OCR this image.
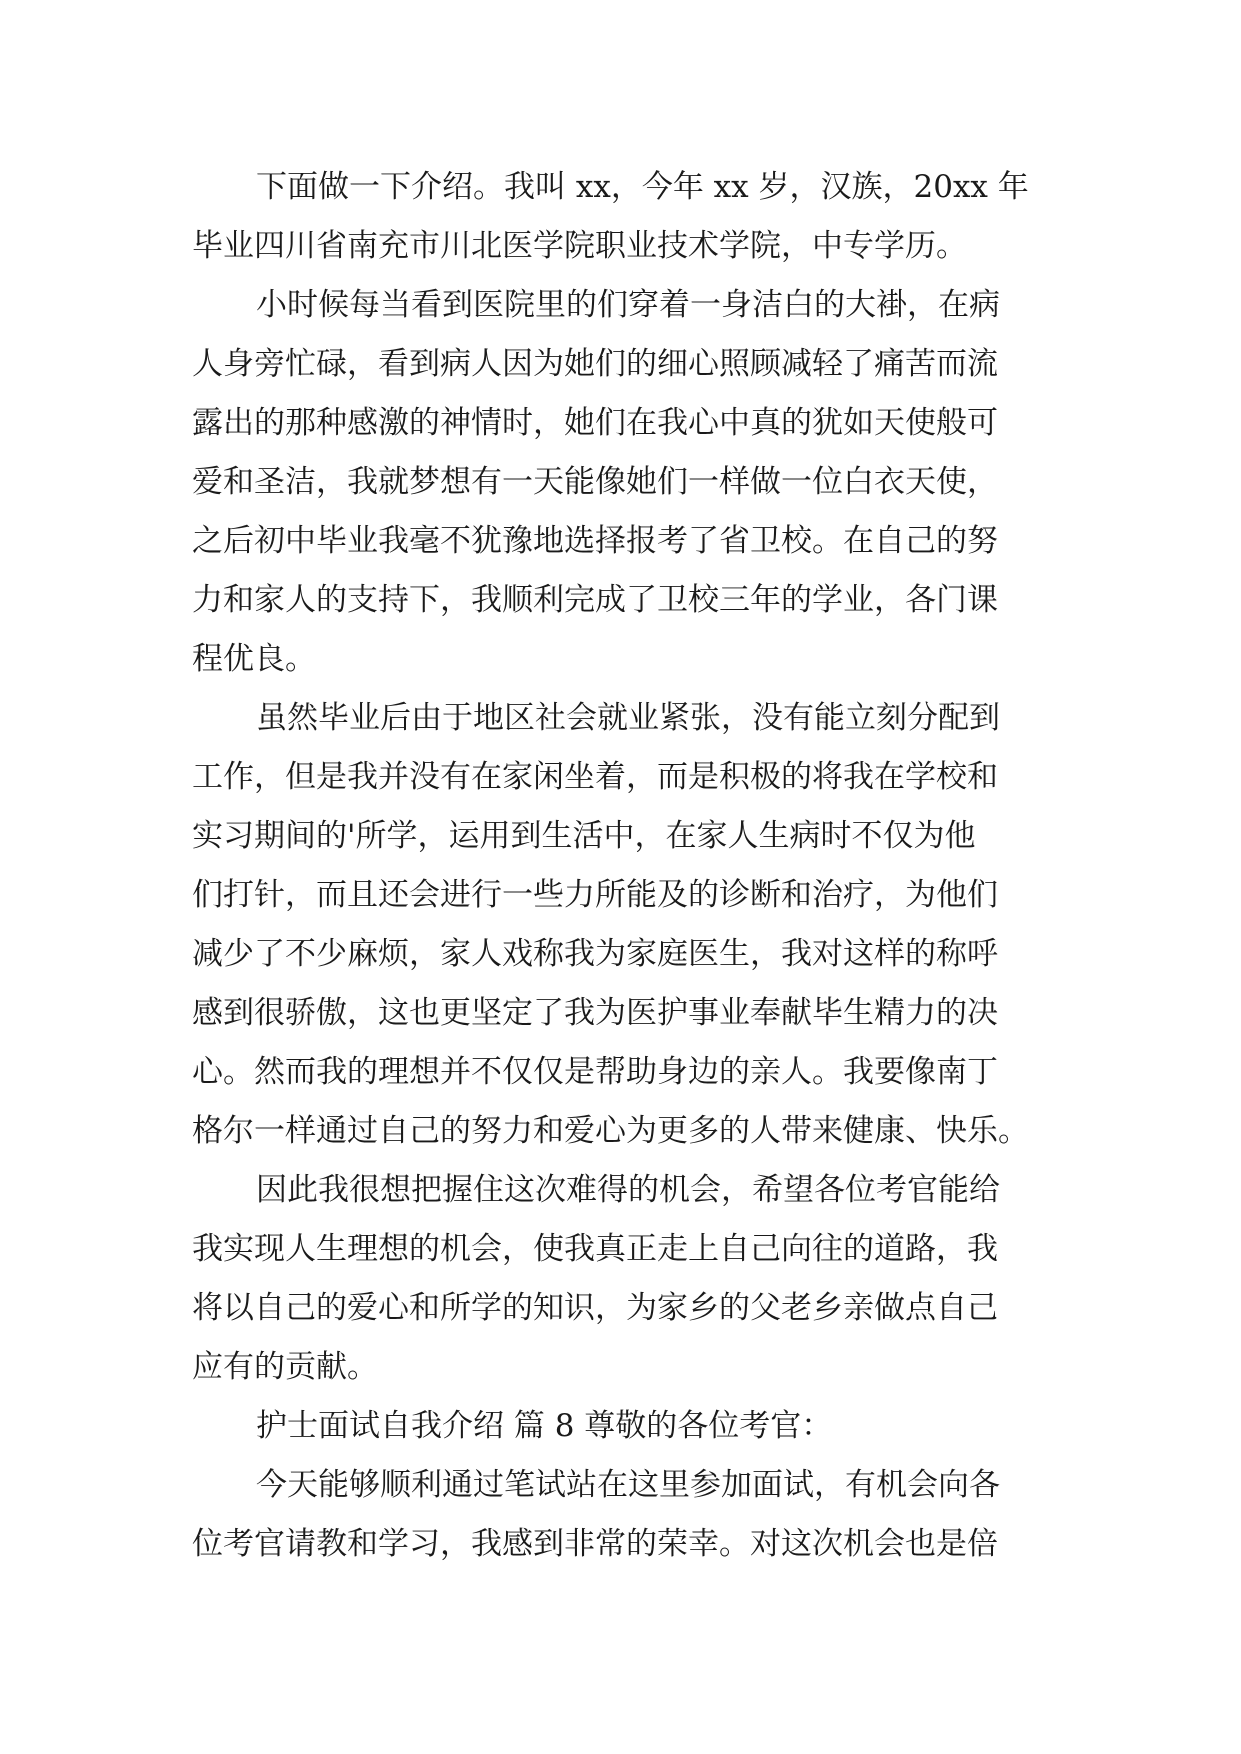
下面做一下介绍。我叫 xx，今年 xx 岁，汉族，20xx 年
毕业四川省南充市川北医学院职业技术学院，中专学历。
小时候每当看到医院里的们穿着一身洁白的大褂，在病
人身旁忙碌，看到病人因为她们的细心照顾减轻了痛苦而流
露出的那种感激的神情时，她们在我心中真的犹如天使般可
爱和圣洁，我就梦想有一天能像她们一样做一位白衣天使，
之后初中毕业我毫不犹豫地选择报考了省卫校。在自己的努
力和家人的支持下，我顺利完成了卫校三年的学业，各门课
程优良。
虽然毕业后由于地区社会就业紧张，没有能立刻分配到
工作，但是我并没有在家闲坐着，而是积极的将我在学校和
实习期间的'所学，运用到生活中，在家人生病时不仅为他
们打针，而且还会进行一些力所能及的诊断和治疗，为他们
减少了不少麻烦，家人戏称我为家庭医生，我对这样的称呼
感到很骄傲，这也更坚定了我为医护事业奉献毕生精力的决
心。然而我的理想并不仅仅是帮助身边的亲人。我要像南丁
格尔一样通过自己的努力和爱心为更多的人带来健康、快乐。
因此我很想把握住这次难得的机会，希望各位考官能给
我实现人生理想的机会，使我真正走上自己向往的道路，我
将以自己的爱心和所学的知识，为家乡的父老乡亲做点自己
应有的贡献。
护士面试自我介绍 篇 8 尊敬的各位考官：
今天能够顺利通过笔试站在这里参加面试，有机会向各
位考官请教和学习，我感到非常的荣幸。对这次机会也是倍
